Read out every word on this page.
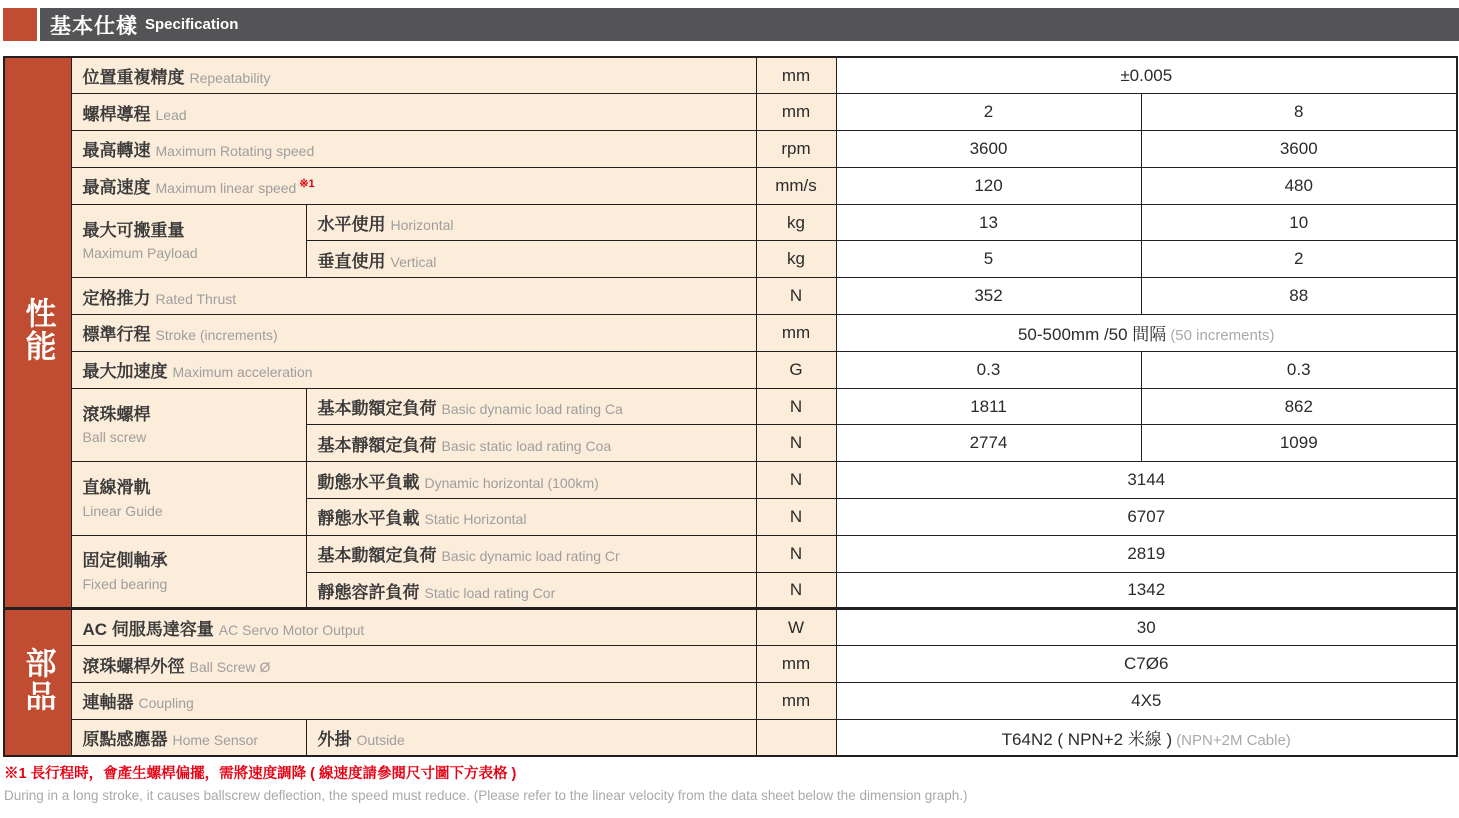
基本仕樣 Specification
性能	位置重複精度 Repeatability		mm	±0.005	
	螺桿導程 Lead		mm	2	8
	最高轉速 Maximum Rotating speed		rpm	3600	3600
	最高速度 Maximum linear speed $^{※1}$		mm/s	120	480

	最大可搬重量
Maximum Payload	水平使用 Horizontal	kg	13	10
		垂直使用 Vertical	kg	5	2
	定格推力 Rated Thrust		N	352	88
	標準行程 Stroke (increments)		mm	50-500mm /50 間隔 (50 increments)	
	最大加速度 Maximum acceleration		G	0.3	0.3

	滾珠螺桿
Ball screw	基本動額定負荷 Basic dynamic load rating Ca	N	1811	862
		基本靜額定負荷 Basic static load rating Coa	N	2774	1099

	直線滑軌
Linear Guide	動態水平負載 Dynamic horizontal (100km)	N	3144	
		靜態水平負載 Static Horizontal	N	6707	

	固定側軸承
Fixed bearing	基本動額定負荷 Basic dynamic load rating Cr	N	2819	
		靜態容許負荷 Static load rating Cor	N	1342	
部品	AC 伺服馬達容量 AC Servo Motor Output		W	30	
	滾珠螺桿外徑 Ball Screw Ø		mm	C7Ø6	
	連軸器 Coupling		mm	4X5	
	原點感應器 Home Sensor	外掛 Outside		T64N2 ( NPN+2 米線 ) (NPN+2M Cable)	
※1 長行程時，會產生螺桿偏擺，需將速度調降 ( 線速度請參閱尺寸圖下方表格 )
During in a long stroke, it causes ballscrew deflection, the speed must reduce. (Please refer to the linear velocity from the data sheet below the dimension graph.)
